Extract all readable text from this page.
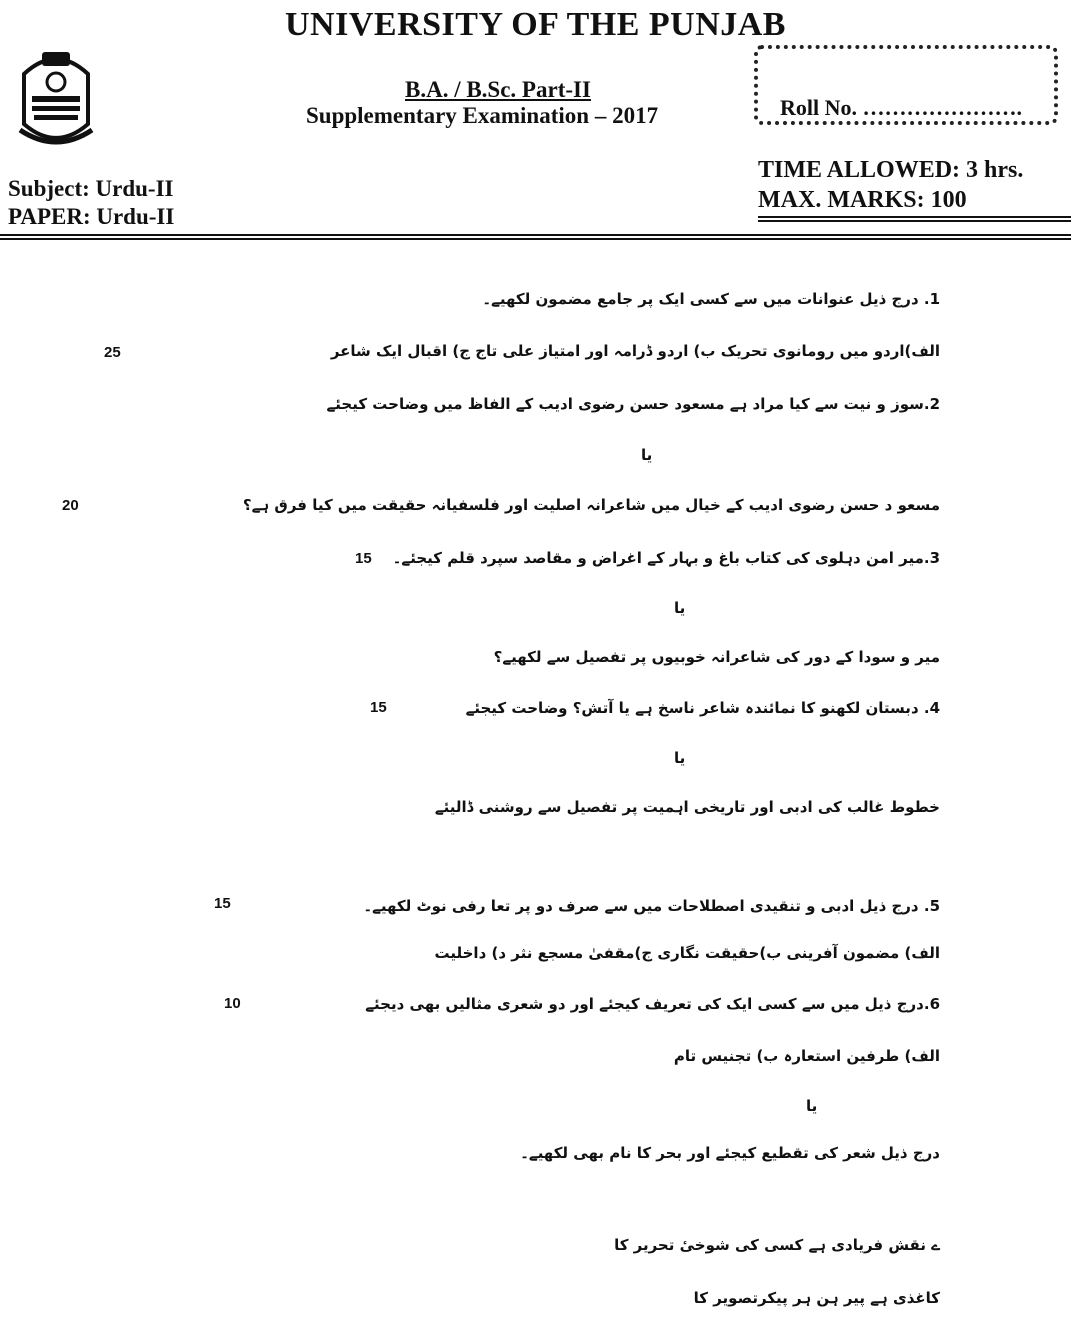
UNIVERSITY OF THE PUNJAB
B.A. / B.Sc. Part-II
Supplementary Examination – 2017	Roll No. ………………….
Subject: Urdu-II
PAPER: Urdu-II
TIME ALLOWED: 3 hrs.
MAX. MARKS: 100
1. درج ذیل عنوانات میں سے کسی ایک پر جامع مضمون لکھیے۔
الف)اردو میں رومانوی تحریک ب) اردو ڈرامہ اور امتیاز علی تاج ج) اقبال ایک شاعر
25
2.سوز و نیت سے کیا مراد ہے مسعود حسن رضوی ادیب کے الفاظ میں وضاحت کیجئے
یا
مسعو د حسن رضوی ادیب کے خیال میں شاعرانہ اصلیت اور فلسفیانہ حقیقت میں کیا فرق ہے؟
20
3.میر امن دہلوی کی کتاب باغ و بہار کے اغراض و مقاصد سپرد قلم کیجئے۔
15
یا
میر و سودا کے دور کی شاعرانہ خوبیوں پر تفصیل سے لکھیے؟
4. دبستان لکھنو کا نمائندہ شاعر ناسخ ہے یا آتش؟ وضاحت کیجئے
15
یا
خطوط غالب کی ادبی اور تاریخی اہمیت پر تفصیل سے روشنی ڈالیئے
5. درج ذیل ادبی و تنقیدی اصطلاحات میں سے صرف دو پر تعا رفی نوٹ لکھیے۔
15
الف) مضمون آفرینی ب)حقیقت نگاری ج)مقفیٰ مسجع نثر د) داخلیت
6.درج ذیل میں سے کسی ایک کی تعریف کیجئے اور دو شعری مثالیں بھی دیجئے
10
الف) طرفین استعارہ ب) تجنیس تام
یا
درج ذیل شعر کی تقطیع کیجئے اور بحر کا نام بھی لکھیے۔
ے نقش فریادی ہے کسی کی شوخیٔ تحریر کا
کاغذی ہے پیر ہن ہر پیکرتصویر کا
